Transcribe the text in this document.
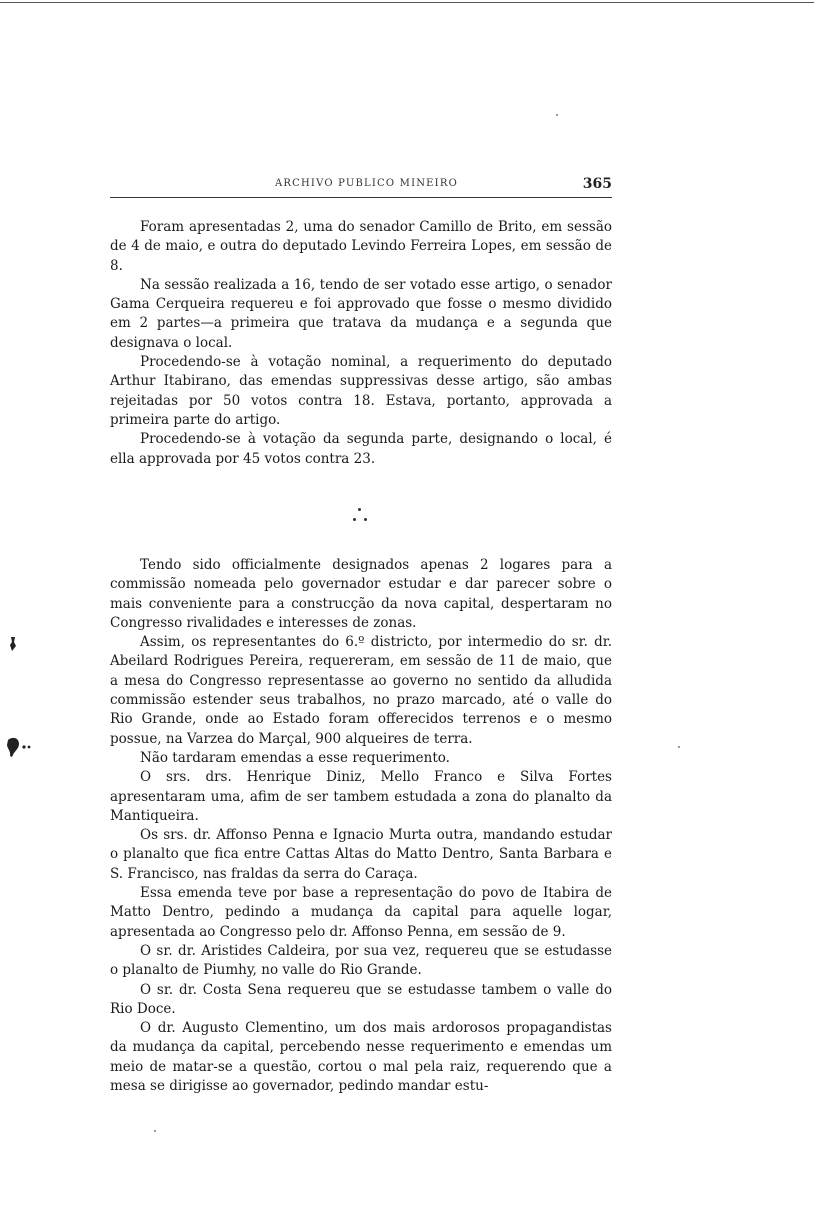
ARCHIVO PUBLICO MINEIRO	365

Foram apresentadas 2, uma do senador Camillo de Brito, em sessão de 4 de maio, e outra do deputado Levindo Ferreira Lopes, em sessão de 8.

Na sessão realizada a 16, tendo de ser votado esse artigo, o senador Gama Cerqueira requereu e foi approvado que fosse o mesmo dividido em 2 partes—a primeira que tratava da mudança e a segunda que designava o local.

Procedendo-se à votação nominal, a requerimento do deputado Arthur Itabirano, das emendas suppressivas desse artigo, são ambas rejeitadas por 50 votos contra 18. Estava, portanto, approvada a primeira parte do artigo.

Procedendo-se à votação da segunda parte, designando o local, é ella approvada por 45 votos contra 23.

Tendo sido officialmente designados apenas 2 logares para a commissão nomeada pelo governador estudar e dar parecer sobre o mais conveniente para a construcção da nova capital, despertaram no Congresso rivalidades e interesses de zonas.

Assim, os representantes do 6.º districto, por intermedio do sr. dr. Abeilard Rodrigues Pereira, requereram, em sessão de 11 de maio, que a mesa do Congresso representasse ao governo no sentido da alludida commissão estender seus trabalhos, no prazo marcado, até o valle do Rio Grande, onde ao Estado foram offerecidos terrenos e o mesmo possue, na Varzea do Marçal, 900 alqueires de terra.

Não tardaram emendas a esse requerimento.

O srs. drs. Henrique Diniz, Mello Franco e Silva Fortes apresentaram uma, afim de ser tambem estudada a zona do planalto da Mantiqueira.

Os srs. dr. Affonso Penna e Ignacio Murta outra, mandando estudar o planalto que fica entre Cattas Altas do Matto Dentro, Santa Barbara e S. Francisco, nas fraldas da serra do Caraça.

Essa emenda teve por base a representação do povo de Itabira de Matto Dentro, pedindo a mudança da capital para aquelle logar, apresentada ao Congresso pelo dr. Affonso Penna, em sessão de 9.

O sr. dr. Aristides Caldeira, por sua vez, requereu que se estudasse o planalto de Piumhy, no valle do Rio Grande.

O sr. dr. Costa Sena requereu que se estudasse tambem o valle do Rio Doce.

O dr. Augusto Clementino, um dos mais ardorosos propagandistas da mudança da capital, percebendo nesse requerimento e emendas um meio de matar-se a questão, cortou o mal pela raiz, requerendo que a mesa se dirigisse ao governador, pedindo mandar estu-
